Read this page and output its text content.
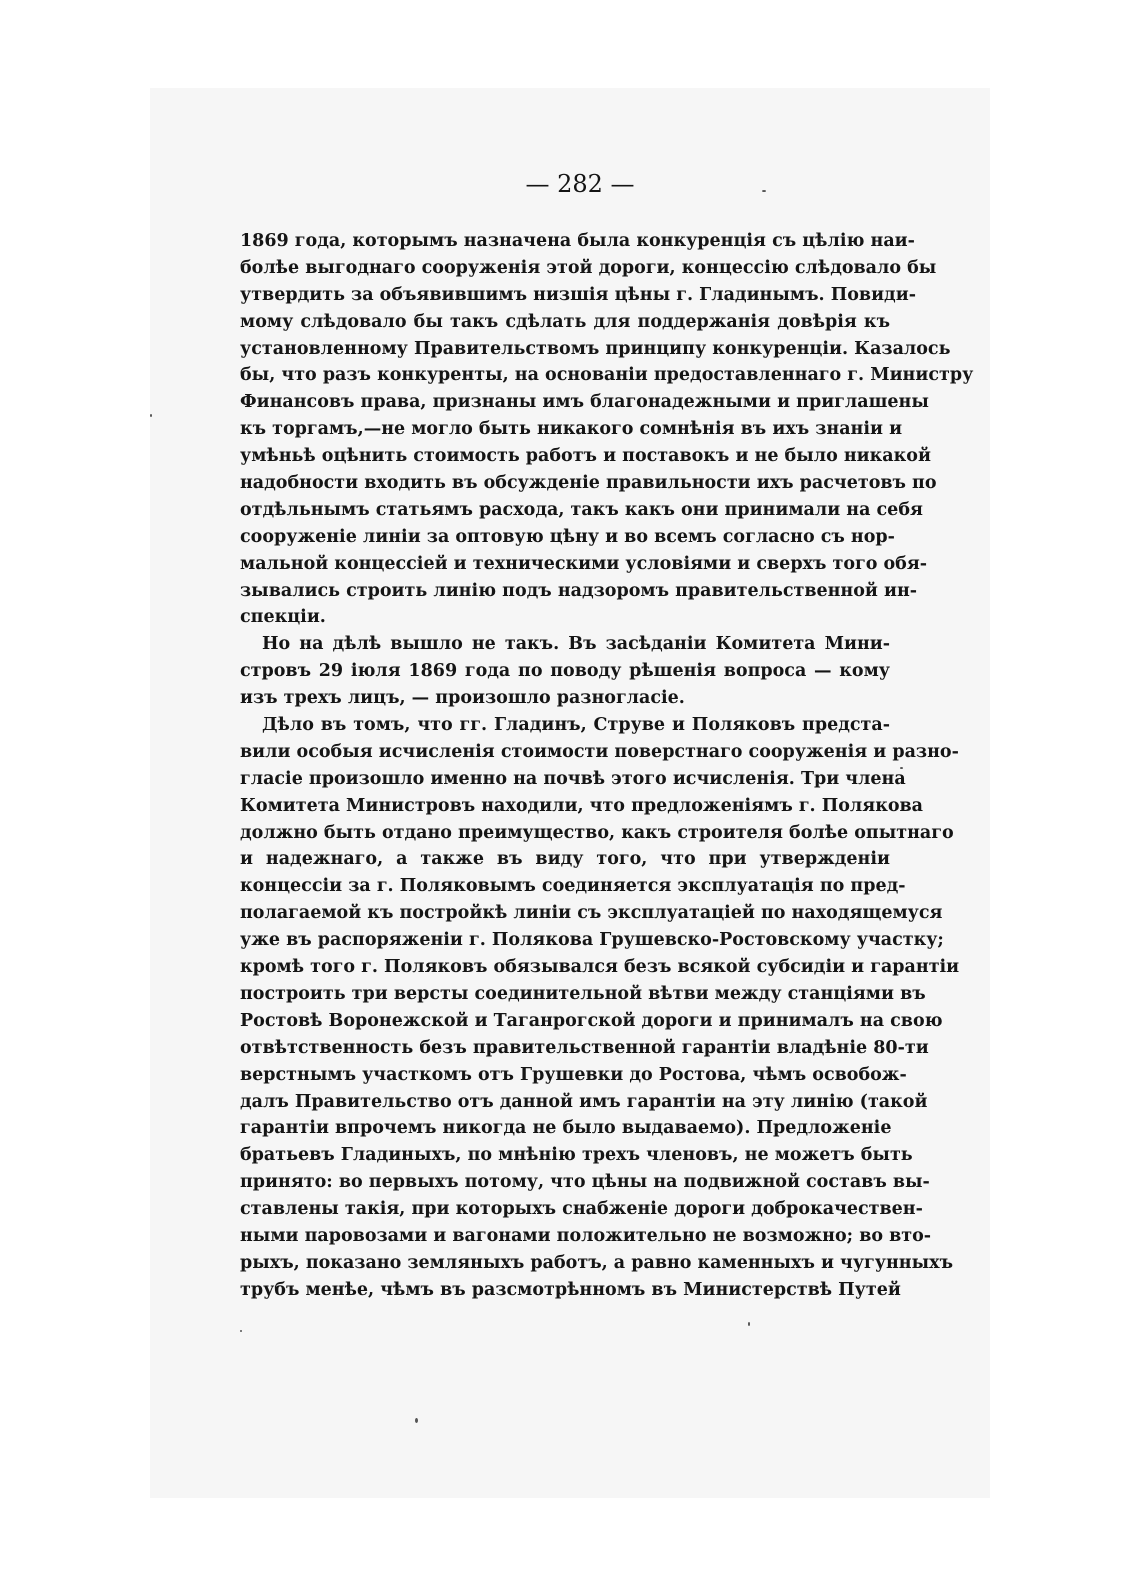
— 282 —
1869 года, которымъ назначена была конкуренція съ цѣлію наи-
болѣе выгоднаго сооруженія этой дороги, концессію слѣдовало бы
утвердить за объявившимъ низшія цѣны г. Гладинымъ. Повиди-
мому слѣдовало бы такъ сдѣлать для поддержанія довѣрія къ
установленному Правительствомъ принципу конкуренціи. Казалось
бы, что разъ конкуренты, на основаніи предоставленнаго г. Министру
Финансовъ права, признаны имъ благонадежными и приглашены
къ торгамъ,—не могло быть никакого сомнѣнія въ ихъ знаніи и
умѣньѣ оцѣнить стоимость работъ и поставокъ и не было никакой
надобности входить въ обсужденіе правильности ихъ расчетовъ по
отдѣльнымъ статьямъ расхода, такъ какъ они принимали на себя
сооруженіе линіи за оптовую цѣну и во всемъ согласно съ нор-
мальной концессіей и техническими условіями и сверхъ того обя-
зывались строить линію подъ надзоромъ правительственной ин-
спекціи.
Но на дѣлѣ вышло не такъ. Въ засѣданіи Комитета Мини-
стровъ 29 іюля 1869 года по поводу рѣшенія вопроса — кому
изъ трехъ лицъ, — произошло разногласіе.
Дѣло въ томъ, что гг. Гладинъ, Струве и Поляковъ предста-
вили особыя исчисленія стоимости поверстнаго сооруженія и разно-
гласіе произошло именно на почвѣ этого исчисленія. Три члена
Комитета Министровъ находили, что предложеніямъ г. Полякова
должно быть отдано преимущество, какъ строителя болѣе опытнаго
и надежнаго, а также въ виду того, что при утвержденіи
концессіи за г. Поляковымъ соединяется эксплуатація по пред-
полагаемой къ постройкѣ линіи съ эксплуатаціей по находящемуся
уже въ распоряженіи г. Полякова Грушевско-Ростовскому участку;
кромѣ того г. Поляковъ обязывался безъ всякой субсидіи и гарантіи
построить три версты соединительной вѣтви между станціями въ
Ростовѣ Воронежской и Таганрогской дороги и принималъ на свою
отвѣтственность безъ правительственной гарантіи владѣніе 80-ти
верстнымъ участкомъ отъ Грушевки до Ростова, чѣмъ освобож-
далъ Правительство отъ данной имъ гарантіи на эту линію (такой
гарантіи впрочемъ никогда не было выдаваемо). Предложеніе
братьевъ Гладиныхъ, по мнѣнію трехъ членовъ, не можетъ быть
принято: во первыхъ потому, что цѣны на подвижной составъ вы-
ставлены такія, при которыхъ снабженіе дороги доброкачествен-
ными паровозами и вагонами положительно не возможно; во вто-
рыхъ, показано земляныхъ работъ, а равно каменныхъ и чугунныхъ
трубъ менѣе, чѣмъ въ разсмотрѣнномъ въ Министерствѣ Путей
